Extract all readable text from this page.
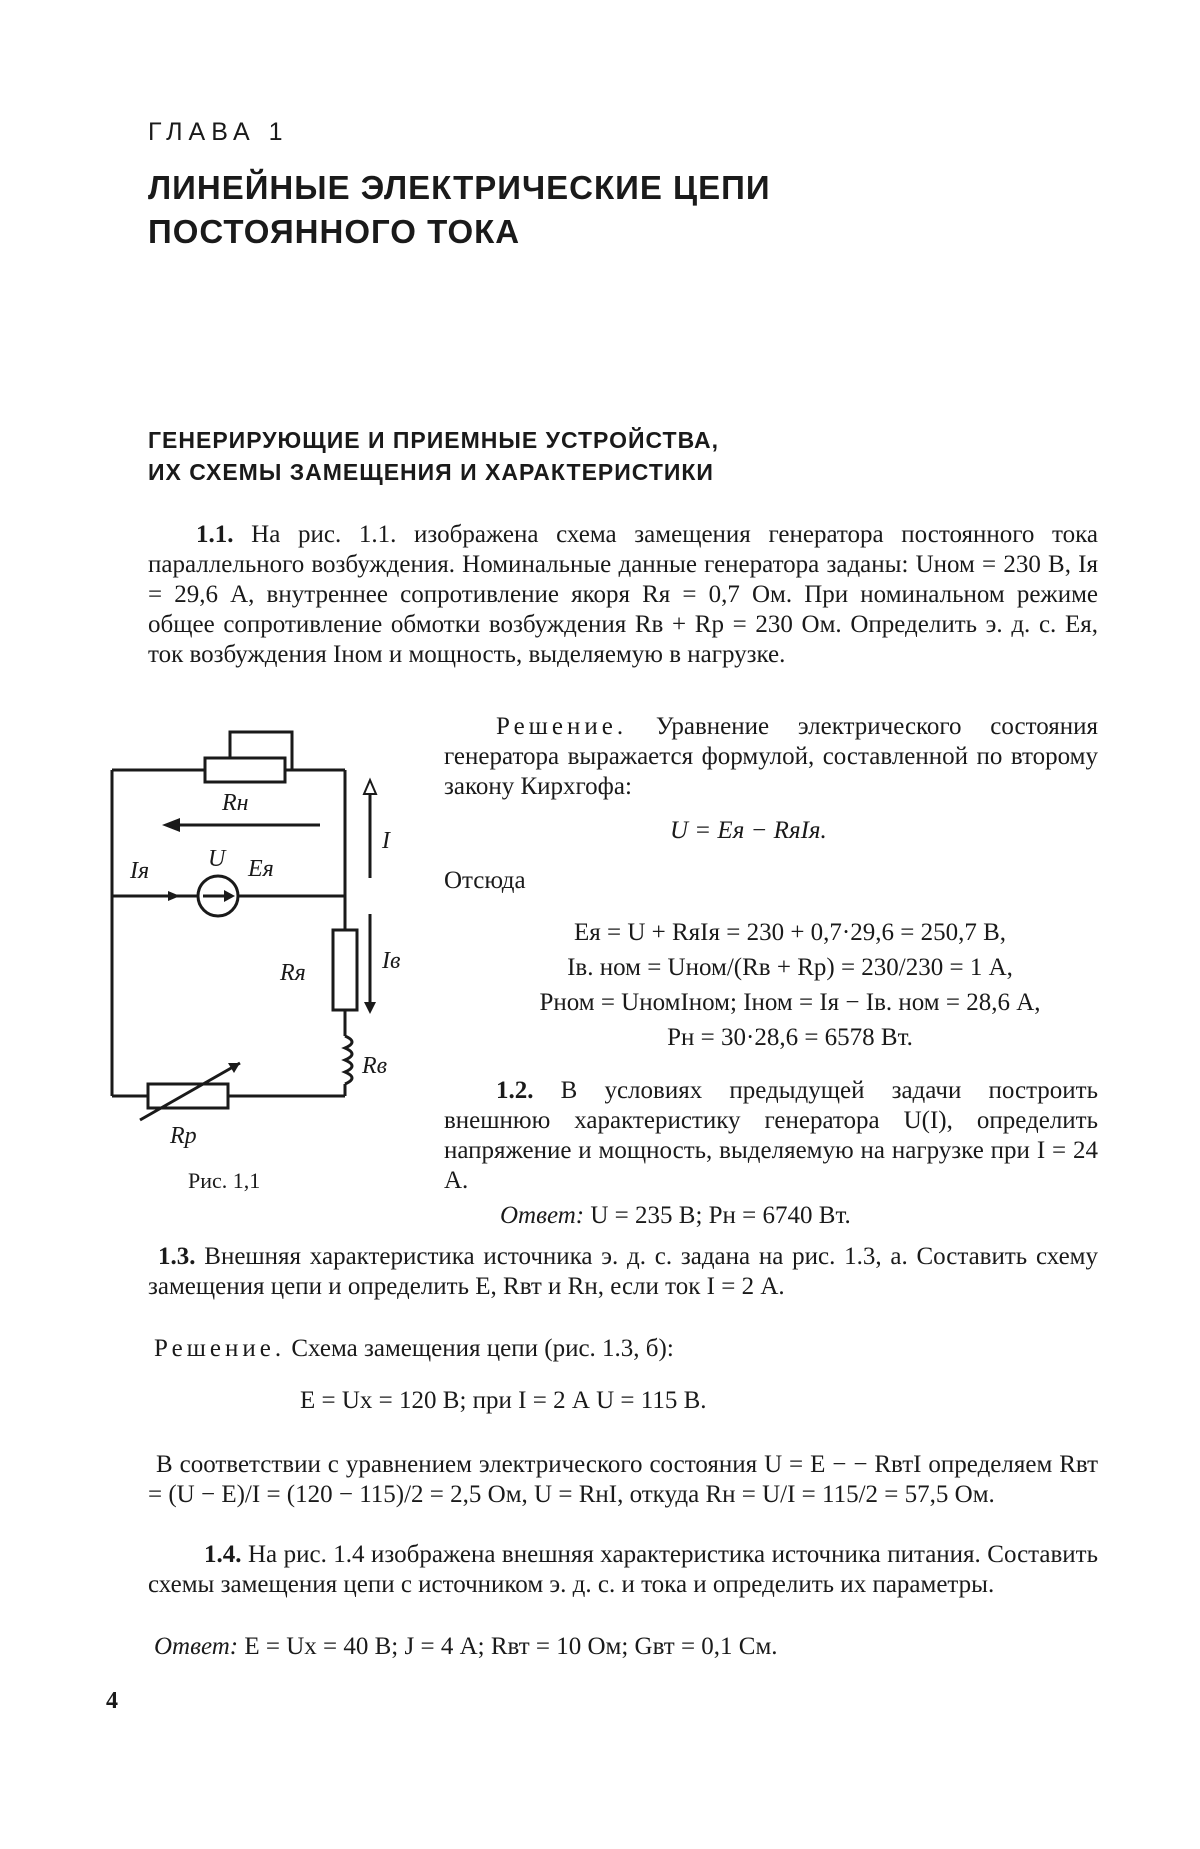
ГЛАВА 1
ЛИНЕЙНЫЕ ЭЛЕКТРИЧЕСКИЕ ЦЕПИ
ПОСТОЯННОГО ТОКА
ГЕНЕРИРУЮЩИЕ И ПРИЕМНЫЕ УСТРОЙСТВА,
ИХ СХЕМЫ ЗАМЕЩЕНИЯ И ХАРАКТЕРИСТИКИ
1.1. На рис. 1.1. изображена схема замещения генератора постоянного тока параллельного возбуждения. Номинальные данные генератора заданы: Uном = 230 В, Iя = 29,6 А, внутреннее сопротивление якоря Rя = 0,7 Ом. При номинальном режиме общее сопротивление обмотки возбуждения Rв + Rр = 230 Ом. Определить э. д. с. Eя, ток возбуждения Iном и мощность, выделяемую в нагрузке.
Решение. Уравнение электрического состояния генератора выражается формулой, составленной по второму закону Кирхгофа:
U = Eя − RяIя.
Отсюда
Eя = U + RяIя = 230 + 0,7·29,6 = 250,7 В,
Iв. ном = Uном/(Rв + Rр) = 230/230 = 1 А,
Pном = UномIном; Iном = Iя − Iв. ном = 28,6 А,
Pн = 30·28,6 = 6578 Вт.
Rн
Iя U Eя
I
Rя	Iв
Rв
Rр
Рис. 1,1
1.2. В условиях предыдущей задачи построить внешнюю характеристику генератора U(I), определить напряжение и мощность, выделяемую на нагрузке при I = 24 А.
Ответ: U = 235 В; Pн = 6740 Вт.
1.3. Внешняя характеристика источника э. д. с. задана на рис. 1.3, а. Составить схему замещения цепи и определить E, Rвт и Rн, если ток I = 2 А.
Решение. Схема замещения цепи (рис. 1.3, б):
E = Uх = 120 В; при I = 2 А U = 115 В.
В соответствии с уравнением электрического состояния U = E − − RвтI определяем Rвт = (U − E)/I = (120 − 115)/2 = 2,5 Ом, U = RнI, откуда Rн = U/I = 115/2 = 57,5 Ом.
1.4. На рис. 1.4 изображена внешняя характеристика источника питания. Составить схемы замещения цепи с источником э. д. с. и тока и определить их параметры.
Ответ: E = Uх = 40 В; J = 4 А; Rвт = 10 Ом; Gвт = 0,1 См.
4
